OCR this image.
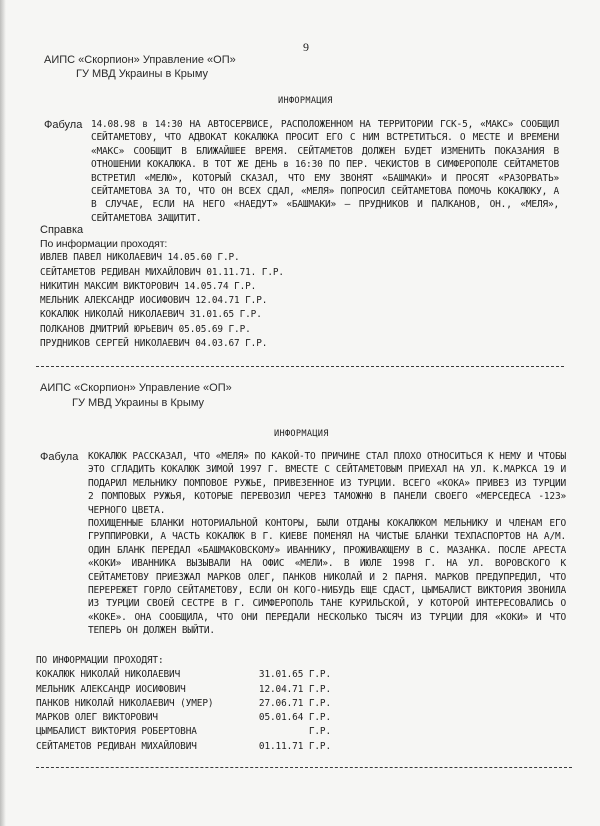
9
АИПС «Скорпион» Управление «ОП»
ГУ МВД Украины в Крыму
ИНФОРМАЦИЯ
Фабула 14.08.98 в 14:30 НА АВТОСЕРВИСЕ, РАСПОЛОЖЕННОМ НА ТЕРРИТОРИИ ГСК-5, «МАКС» СООБЩИЛ СЕЙТАМЕТОВУ, ЧТО АДВОКАТ КОКАЛЮКА ПРОСИТ ЕГО С НИМ ВСТРЕТИТЬСЯ. О МЕСТЕ И ВРЕМЕНИ «МАКС» СООБЩИТ В БЛИЖАЙШЕЕ ВРЕМЯ. СЕЙТАМЕТОВ ДОЛЖЕН БУДЕТ ИЗМЕНИТЬ ПОКАЗАНИЯ В ОТНОШЕНИИ КОКАЛЮКА. В ТОТ ЖЕ ДЕНЬ в 16:30 ПО ПЕР. ЧЕКИСТОВ В СИМФЕРОПОЛЕ СЕЙТАМЕТОВ ВСТРЕТИЛ «МЕЛЮ», КОТОРЫЙ СКАЗАЛ, ЧТО ЕМУ ЗВОНЯТ «БАШМАКИ» И ПРОСЯТ «РАЗОРВАТЬ» СЕЙТАМЕТОВА ЗА ТО, ЧТО ОН ВСЕХ СДАЛ, «МЕЛЯ» ПОПРОСИЛ СЕЙТАМЕТОВА ПОМОЧЬ КОКАЛЮКУ, А В СЛУЧАЕ, ЕСЛИ НА НЕГО «НАЕДУТ» «БАШМАКИ» – ПРУДНИКОВ И ПАЛКАНОВ, ОН., «МЕЛЯ», СЕЙТАМЕТОВА ЗАЩИТИТ.

Справка
По информации проходят:
ИВЛЕВ ПАВЕЛ НИКОЛАЕВИЧ 14.05.60 Г.Р.
СЕЙТАМЕТОВ РЕДИВАН МИХАЙЛОВИЧ 01.11.71. Г.Р.
НИКИТИН МАКСИМ ВИКТОРОВИЧ 14.05.74 Г.Р.
МЕЛЬНИК АЛЕКСАНДР ИОСИФОВИЧ 12.04.71 Г.Р.
КОКАЛЮК НИКОЛАЙ НИКОЛАЕВИЧ 31.01.65 Г.Р.
ПОЛКАНОВ ДМИТРИЙ ЮРЬЕВИЧ 05.05.69 Г.Р.
ПРУДНИКОВ СЕРГЕЙ НИКОЛАЕВИЧ 04.03.67 Г.Р.
АИПС «Скорпион» Управление «ОП»
ГУ МВД Украины в Крыму
ИНФОРМАЦИЯ
Фабула КОКАЛЮК РАССКАЗАЛ, ЧТО «МЕЛЯ» ПО КАКОЙ-ТО ПРИЧИНЕ СТАЛ ПЛОХО ОТНОСИТЬСЯ К НЕМУ И ЧТОБЫ ЭТО СГЛАДИТЬ КОКАЛЮК ЗИМОЙ 1997 Г. ВМЕСТЕ С СЕЙТАМЕТОВЫМ ПРИЕХАЛ НА УЛ. К.МАРКСА 19 И ПОДАРИЛ МЕЛЬНИКУ ПОМПОВОЕ РУЖЬЕ, ПРИВЕЗЕННОЕ ИЗ ТУРЦИИ. ВСЕГО «КОКА» ПРИВЕЗ ИЗ ТУРЦИИ 2 ПОМПОВЫХ РУЖЬЯ, КОТОРЫЕ ПЕРЕВОЗИЛ ЧЕРЕЗ ТАМОЖНЮ В ПАНЕЛИ СВОЕГО «МЕРСЕДЕСА -123» ЧЕРНОГО ЦВЕТА.

ПОХИЩЕННЫЕ БЛАНКИ НОТОРИАЛЬНОЙ КОНТОРЫ, БЫЛИ ОТДАНЫ КОКАЛЮКОМ МЕЛЬНИКУ И ЧЛЕНАМ ЕГО ГРУППИРОВКИ, А ЧАСТЬ КОКАЛЮК В Г. КИЕВЕ ПОМЕНЯЛ НА ЧИСТЫЕ БЛАНКИ ТЕХПАСПОРТОВ НА А/М. ОДИН БЛАНК ПЕРЕДАЛ «БАШМАКОВСКОМУ» ИВАННИКУ, ПРОЖИВАЮЩЕМУ В С. МАЗАНКА. ПОСЛЕ АРЕСТА «КОКИ» ИВАННИКА ВЫЗЫВАЛИ НА ОФИС «МЕЛИ». В ИЮЛЕ 1998 Г. НА УЛ. ВОРОВСКОГО К СЕЙТАМЕТОВУ ПРИЕЗЖАЛ МАРКОВ ОЛЕГ, ПАНКОВ НИКОЛАЙ И 2 ПАРНЯ. МАРКОВ ПРЕДУПРЕДИЛ, ЧТО ПЕРЕРЕЖЕТ ГОРЛО СЕЙТАМЕТОВУ, ЕСЛИ ОН КОГО-НИБУДЬ ЕЩЕ СДАСТ, ЦЫМБАЛИСТ ВИКТОРИЯ ЗВОНИЛА ИЗ ТУРЦИИ СВОЕЙ СЕСТРЕ В Г. СИМФЕРОПОЛЬ ТАНЕ КУРИЛЬСКОЙ, У КОТОРОЙ ИНТЕРЕСОВАЛИСЬ О «КОКЕ». ОНА СООБЩИЛА, ЧТО ОНИ ПЕРЕДАЛИ НЕСКОЛЬКО ТЫСЯЧ ИЗ ТУРЦИИ ДЛЯ «КОКИ» И ЧТО ТЕПЕРЬ ОН ДОЛЖЕН ВЫЙТИ.

ПО ИНФОРМАЦИИ ПРОХОДЯТ:
КОКАЛЮК НИКОЛАЙ НИКОЛАЕВИЧ	31.01.65 Г.Р.
МЕЛЬНИК АЛЕКСАНДР ИОСИФОВИЧ	12.04.71 Г.Р.
ПАНКОВ НИКОЛАЙ НИКОЛАЕВИЧ (УМЕР)	27.06.71 Г.Р.
МАРКОВ ОЛЕГ ВИКТОРОВИЧ	05.01.64 Г.Р.
ЦЫМБАЛИСТ ВИКТОРИЯ РОБЕРТОВНА	Г.Р.
СЕЙТАМЕТОВ РЕДИВАН МИХАЙЛОВИЧ	01.11.71 Г.Р.
